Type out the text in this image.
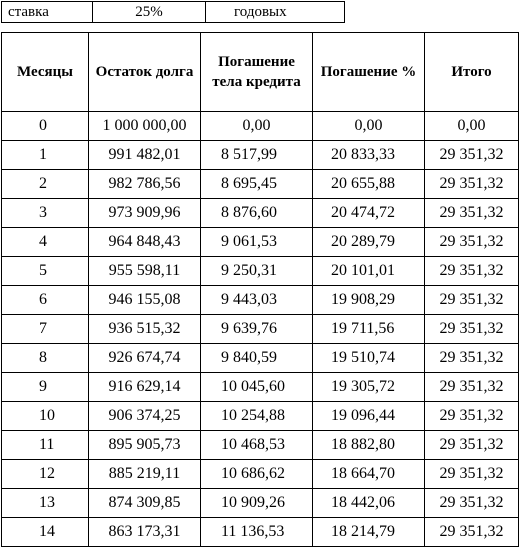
ставка	25%	годовых
Месяцы	Остаток долга	Погашение тела кредита	Погашение %	Итого
0	1 000 000,00	0,00	0,00	0,00
1	991 482,01	8 517,99	20 833,33	29 351,32
2	982 786,56	8 695,45	20 655,88	29 351,32
3	973 909,96	8 876,60	20 474,72	29 351,32
4	964 848,43	9 061,53	20 289,79	29 351,32
5	955 598,11	9 250,31	20 101,01	29 351,32
6	946 155,08	9 443,03	19 908,29	29 351,32
7	936 515,32	9 639,76	19 711,56	29 351,32
8	926 674,74	9 840,59	19 510,74	29 351,32
9	916 629,14	10 045,60	19 305,72	29 351,32
10	906 374,25	10 254,88	19 096,44	29 351,32
11	895 905,73	10 468,53	18 882,80	29 351,32
12	885 219,11	10 686,62	18 664,70	29 351,32
13	874 309,85	10 909,26	18 442,06	29 351,32
14	863 173,31	11 136,53	18 214,79	29 351,32
